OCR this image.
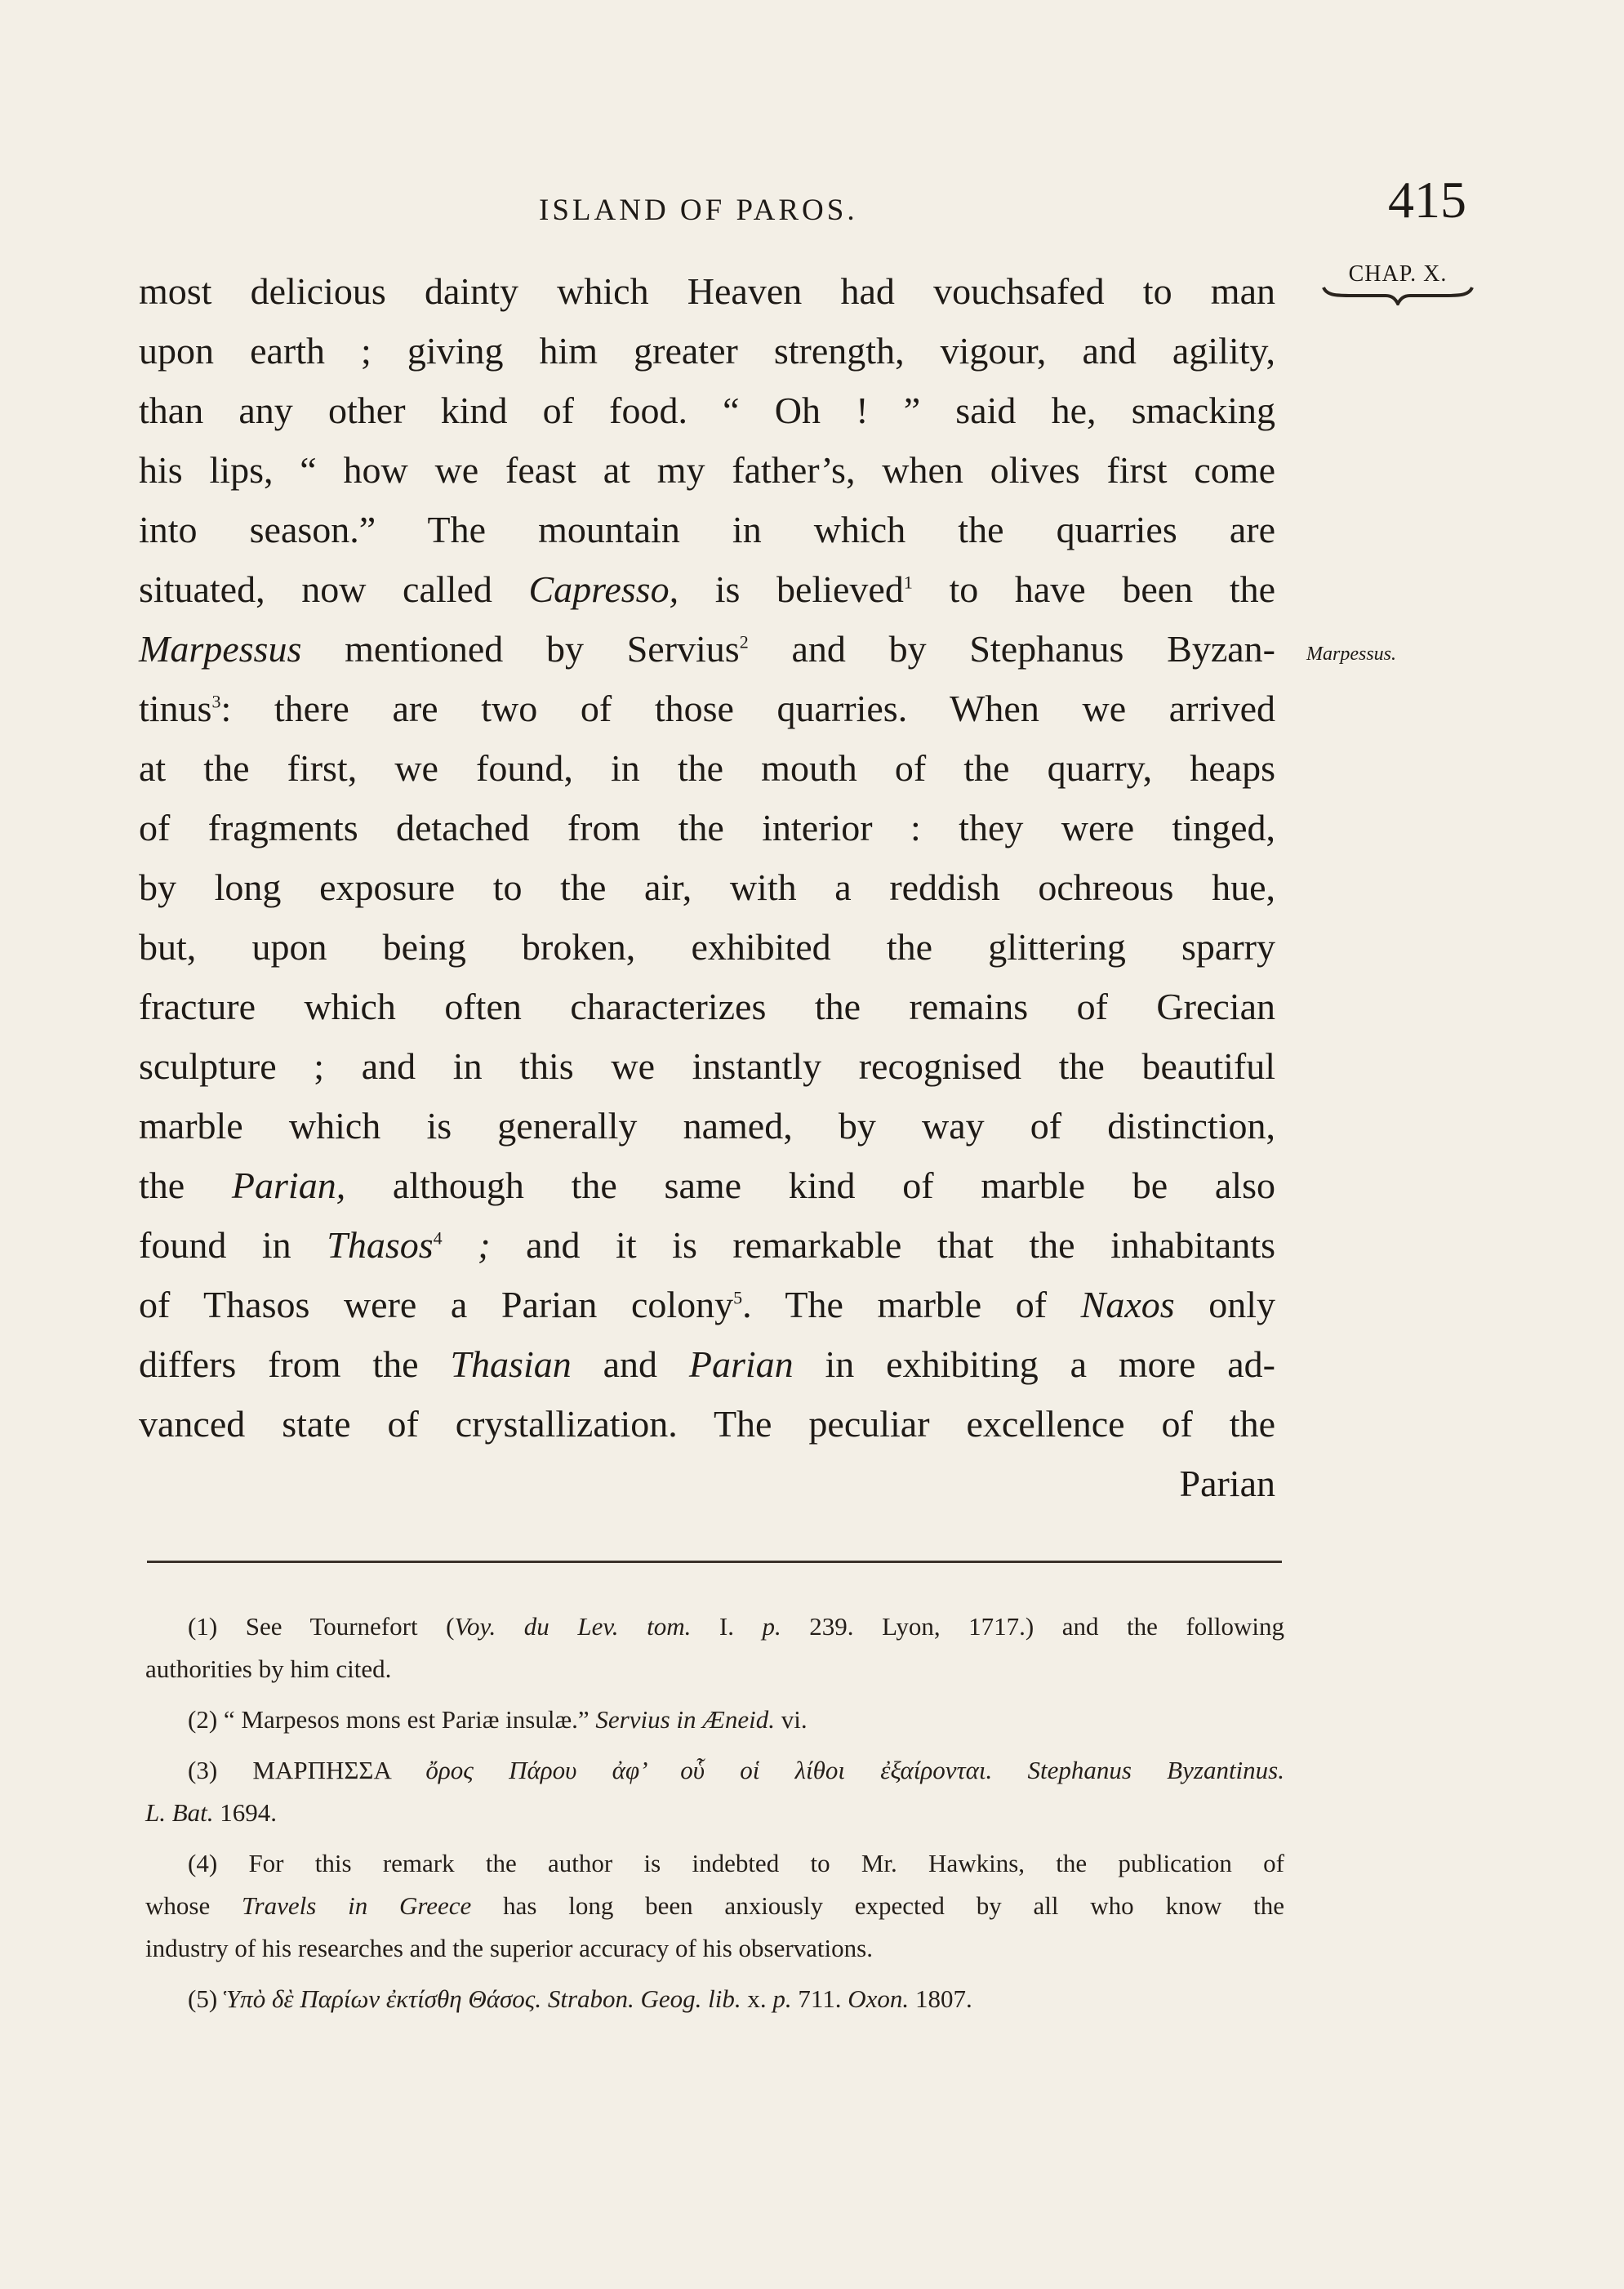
ISLAND OF PAROS.	415
CHAP. X.
Marpessus.
most delicious dainty which Heaven had vouchsafed to man
upon earth ; giving him greater strength, vigour, and agility,
than any other kind of food. “ Oh ! ” said he, smacking
his lips, “ how we feast at my father’s, when olives first come
into season.” The mountain in which the quarries are
situated, now called Capresso, is believed$^1$ to have been the
Marpessus mentioned by Servius$^2$ and by Stephanus Byzan-
tinus$^3$: there are two of those quarries. When we arrived
at the first, we found, in the mouth of the quarry, heaps
of fragments detached from the interior : they were tinged,
by long exposure to the air, with a reddish ochreous hue,
but, upon being broken, exhibited the glittering sparry
fracture which often characterizes the remains of Grecian
sculpture ; and in this we instantly recognised the beautiful
marble which is generally named, by way of distinction,
the Parian, although the same kind of marble be also
found in Thasos$^4$ ; and it is remarkable that the inhabitants
of Thasos were a Parian colony$^5$. The marble of Naxos only
differs from the Thasian and Parian in exhibiting a more ad-
vanced state of crystallization. The peculiar excellence of the
Parian
(1) See Tournefort (Voy. du Lev. tom. I. p. 239. Lyon, 1717.) and the following
authorities by him cited.
(2) “ Marpesos mons est Pariæ insulæ.” Servius in Æneid. vi.
(3) ΜΑΡΠΗΣΣΑ ὄρος Πάρου ἀφ’ οὗ οἱ λίθοι ἐξαίρονται. Stephanus Byzantinus.
L. Bat. 1694.
(4) For this remark the author is indebted to Mr. Hawkins, the publication of
whose Travels in Greece has long been anxiously expected by all who know the
industry of his researches and the superior accuracy of his observations.
(5) Ὑπὸ δὲ Παρίων ἐκτίσθη Θάσος. Strabon. Geog. lib. x. p. 711. Oxon. 1807.
